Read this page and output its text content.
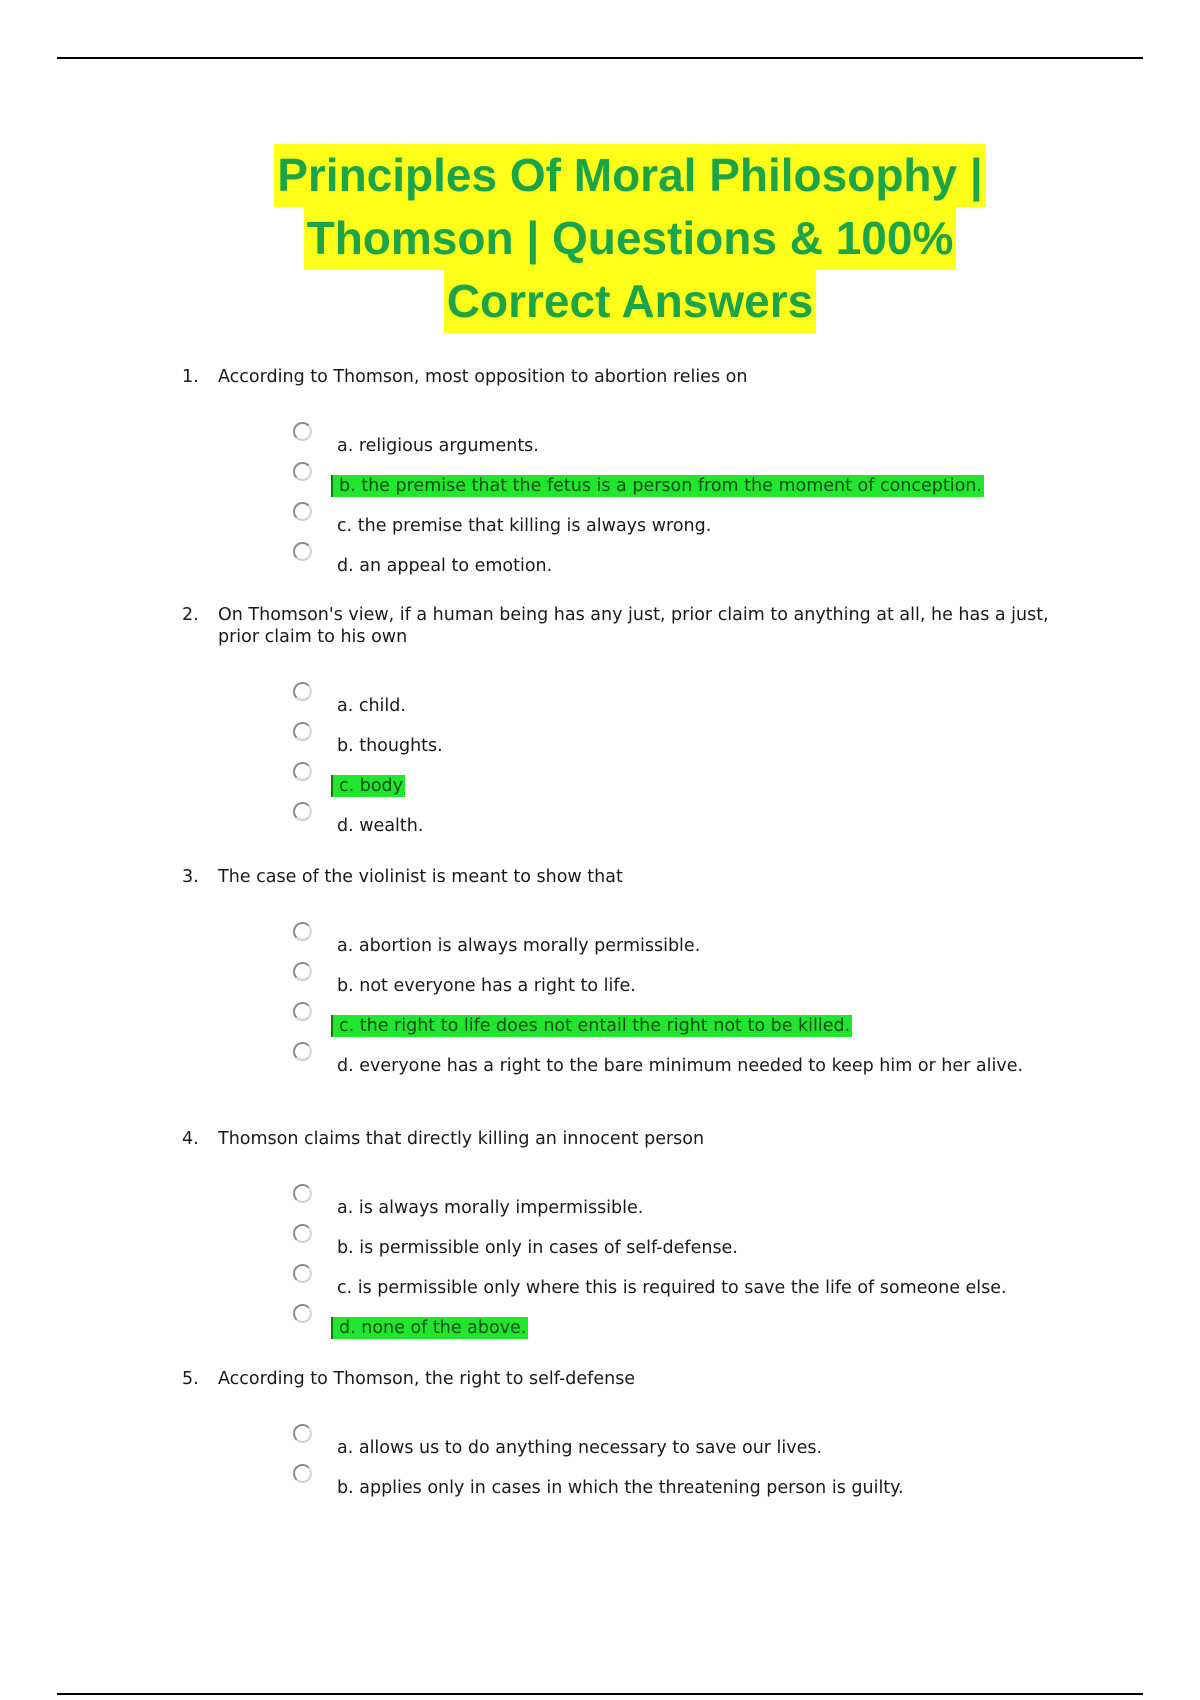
Principles Of Moral Philosophy |
Thomson | Questions & 100%
Correct Answers
1.	According to Thomson, most opposition to abortion relies on
a. religious arguments.
b. the premise that the fetus is a person from the moment of conception.
c. the premise that killing is always wrong.
d. an appeal to emotion.
2.	On Thomson's view, if a human being has any just, prior claim to anything at all, he has a just, prior claim to his own
a. child.
b. thoughts.
c. body
d. wealth.
3.	The case of the violinist is meant to show that
a. abortion is always morally permissible.
b. not everyone has a right to life.
c. the right to life does not entail the right not to be killed.
d. everyone has a right to the bare minimum needed to keep him or her alive.
4.	Thomson claims that directly killing an innocent person
a. is always morally impermissible.
b. is permissible only in cases of self-defense.
c. is permissible only where this is required to save the life of someone else.
d. none of the above.
5.	According to Thomson, the right to self-defense
a. allows us to do anything necessary to save our lives.
b. applies only in cases in which the threatening person is guilty.
